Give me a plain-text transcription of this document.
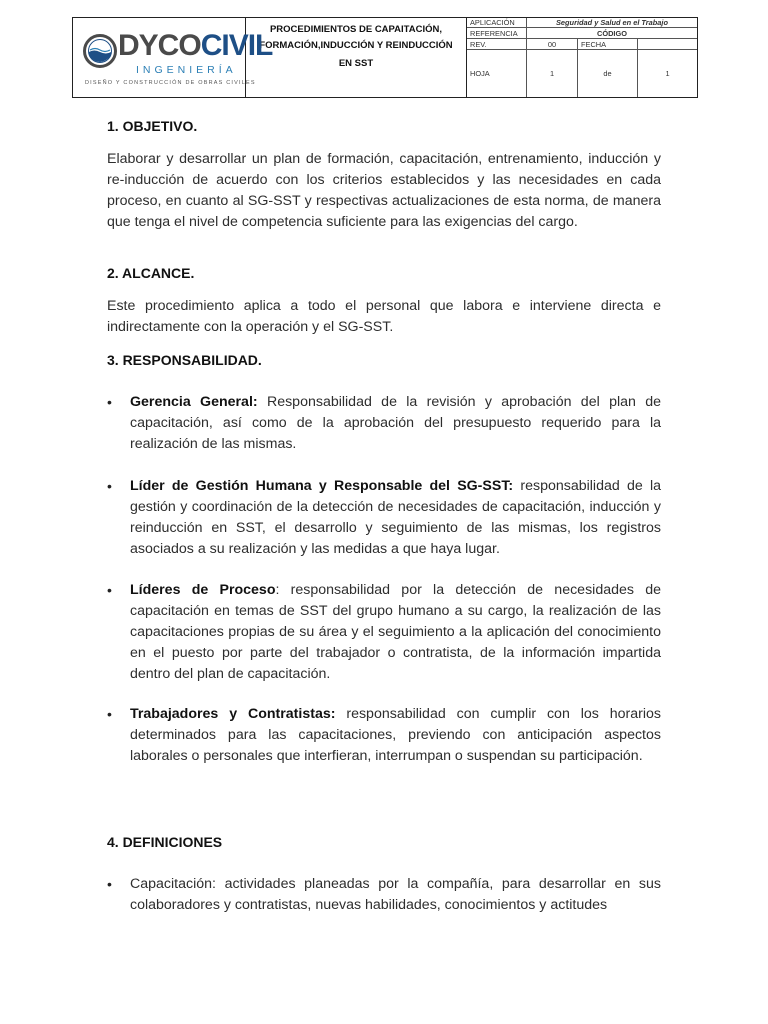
DYCOCIVIL
INGENIERÍA
DISEÑO Y CONSTRUCCIÓN DE OBRAS CIVILES
PROCEDIMIENTOS DE CAPAITACIÓN,
FORMACIÓN,INDUCCIÓN Y REINDUCCIÓN
EN SST
APLICACIÓN	Seguridad y Salud en el Trabajo
REFERENCIA	CÓDIGO
REV.	00	FECHA
HOJA	1	de	1
1. OBJETIVO.

Elaborar y desarrollar un plan de formación, capacitación, entrenamiento, inducción y re-inducción de acuerdo con los criterios establecidos y las necesidades en cada proceso, en cuanto al SG-SST y respectivas actualizaciones de esta norma, de manera que tenga el nivel de competencia suficiente para las exigencias del cargo.

2. ALCANCE.

Este procedimiento aplica a todo el personal que labora e interviene directa e indirectamente con la operación y el SG-SST.

3. RESPONSABILIDAD.
• Gerencia General: Responsabilidad de la revisión y aprobación del plan de capacitación, así como de la aprobación del presupuesto requerido para la realización de las mismas.
• Líder de Gestión Humana y Responsable del SG-SST: responsabilidad de la gestión y coordinación de la detección de necesidades de capacitación, inducción y reinducción en SST, el desarrollo y seguimiento de las mismas, los registros asociados a su realización y las medidas a que haya lugar.
• Líderes de Proceso: responsabilidad por la detección de necesidades de capacitación en temas de SST del grupo humano a su cargo, la realización de las capacitaciones propias de su área y el seguimiento a la aplicación del conocimiento en el puesto por parte del trabajador o contratista, de la información impartida dentro del plan de capacitación.
• Trabajadores y Contratistas: responsabilidad con cumplir con los horarios determinados para las capacitaciones, previendo con anticipación aspectos laborales o personales que interfieran, interrumpan o suspendan su participación.
4. DEFINICIONES
• Capacitación: actividades planeadas por la compañía, para desarrollar en sus colaboradores y contratistas, nuevas habilidades, conocimientos y actitudes
